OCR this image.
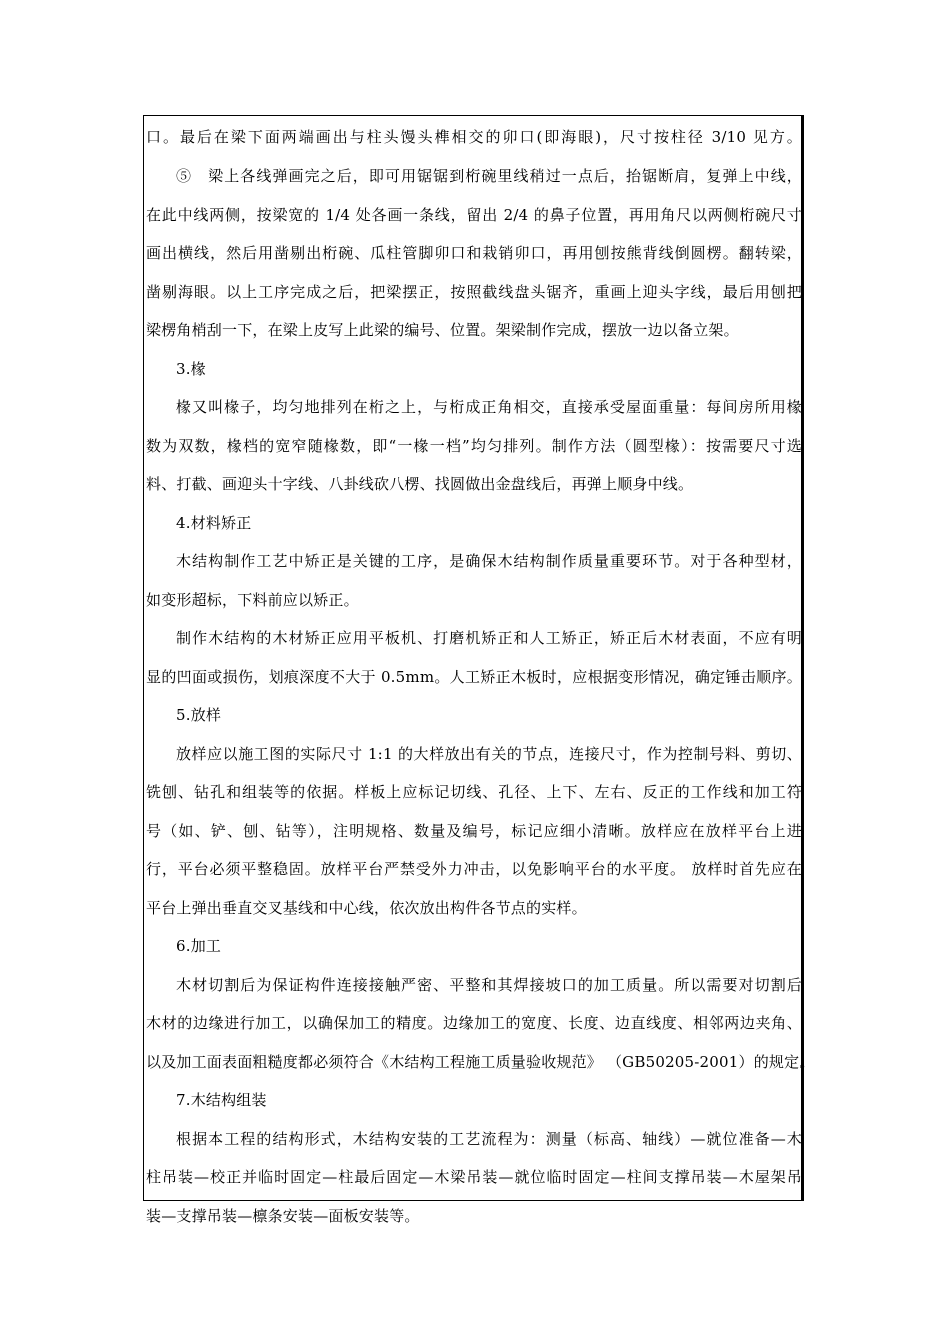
口。最后在梁下面两端画出与柱头馒头榫相交的卯口(即海眼)，尺寸按柱径 3/10 见方。
⑤　梁上各线弹画完之后，即可用锯锯到桁碗里线稍过一点后，抬锯断肩，复弹上中线，
在此中线两侧，按梁宽的 1/4 处各画一条线，留出 2/4 的鼻子位置，再用角尺以两侧桁碗尺寸
画出横线，然后用凿剔出桁碗、瓜柱管脚卯口和栽销卯口，再用刨按熊背线倒圆楞。翻转梁，
凿剔海眼。以上工序完成之后，把梁摆正，按照截线盘头锯齐，重画上迎头字线，最后用刨把
梁楞角梢刮一下，在梁上皮写上此梁的编号、位置。架梁制作完成，摆放一边以备立架。
3.椽
椽又叫椽子，均匀地排列在桁之上，与桁成正角相交，直接承受屋面重量：每间房所用椽
数为双数，椽档的宽窄随椽数，即“一椽一档”均匀排列。制作方法（圆型椽）：按需要尺寸选
料、打截、画迎头十字线、八卦线砍八楞、找圆做出金盘线后，再弹上顺身中线。
4.材料矫正
木结构制作工艺中矫正是关键的工序，是确保木结构制作质量重要环节。对于各种型材，
如变形超标，下料前应以矫正。
制作木结构的木材矫正应用平板机、打磨机矫正和人工矫正，矫正后木材表面，不应有明
显的凹面或损伤，划痕深度不大于 0.5mm。人工矫正木板时，应根据变形情况，确定锤击顺序。
5.放样
放样应以施工图的实际尺寸 1:1 的大样放出有关的节点，连接尺寸，作为控制号料、剪切、
铣刨、钻孔和组装等的依据。样板上应标记切线、孔径、上下、左右、反正的工作线和加工符
号（如、铲、刨、钻等），注明规格、数量及编号，标记应细小清晰。放样应在放样平台上进
行，平台必须平整稳固。放样平台严禁受外力冲击，以免影响平台的水平度。 放样时首先应在
平台上弹出垂直交叉基线和中心线，依次放出构件各节点的实样。
6.加工
木材切割后为保证构件连接接触严密、平整和其焊接坡口的加工质量。所以需要对切割后
木材的边缘进行加工，以确保加工的精度。边缘加工的宽度、长度、边直线度、相邻两边夹角、
以及加工面表面粗糙度都必须符合《木结构工程施工质量验收规范》 （GB50205-2001）的规定。
7.木结构组装
根据本工程的结构形式，木结构安装的工艺流程为：测量（标高、轴线）—就位准备—木
柱吊装—校正并临时固定—柱最后固定—木梁吊装—就位临时固定—柱间支撑吊装—木屋架吊
装—支撑吊装—檩条安装—面板安装等。
